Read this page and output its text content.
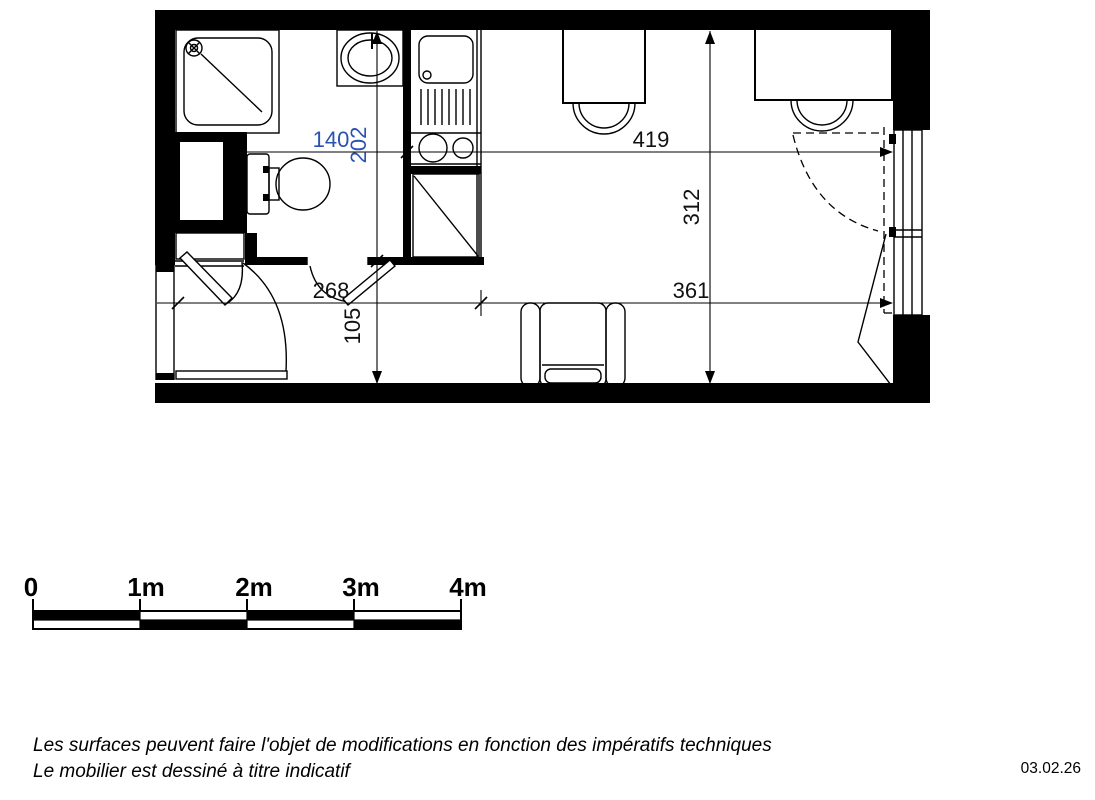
140
202	419
312
268
105
361
0	1m	2m	3m	4m
Les surfaces peuvent faire l'objet de modifications en fonction des impératifs techniques
Le mobilier est dessiné à titre indicatif	03.02.26
